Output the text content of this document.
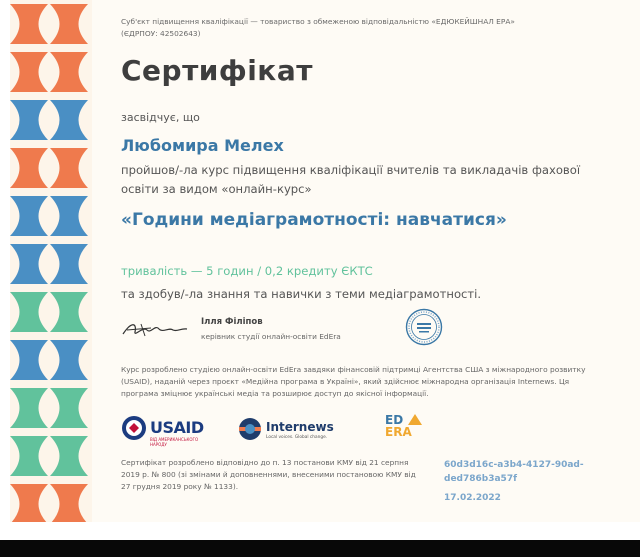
Суб'єкт підвищення кваліфікації — товариство з обмеженою відповідальністю «ЕДЮКЕЙШНАЛ ЕРА» (ЄДРПОУ: 42502643)

Сертифікат

засвідчує, що

Любомира Мелех

пройшов/-ла курс підвищення кваліфікації вчителів та викладачів фахової освіти за видом «онлайн-курс»

«Години медіаграмотності: навчатися»

тривалість — 5 годин / 0,2 кредиту ЄКТС

та здобув/-ла знання та навички з теми медіаграмотності.

Ілля Філіпов

керівник студії онлайн-освіти EdEra

Курс розроблено студією онлайн-освіти EdEra завдяки фінансовій підтримці Агентства США з міжнародного розвитку (USAID), наданій через проєкт «Медійна програма в Україні», який здійснює міжнародна організація Internews. Ця програма зміцнює українські медіа та розширює доступ до якісної інформації.

USAID
ВІД АМЕРИКАНСЬКОГО НАРОДУ
Internews
Local voices. Global change.
ED
ERA

Сертифікат розроблено відповідно до п. 13 постанови КМУ від 21 серпня 2019 р. № 800 (зі змінами й доповненнями, внесеними постановою КМУ від 27 грудня 2019 року № 1133).

60d3d16c-a3b4-4127-90ad-ded786b3a57f

17.02.2022
